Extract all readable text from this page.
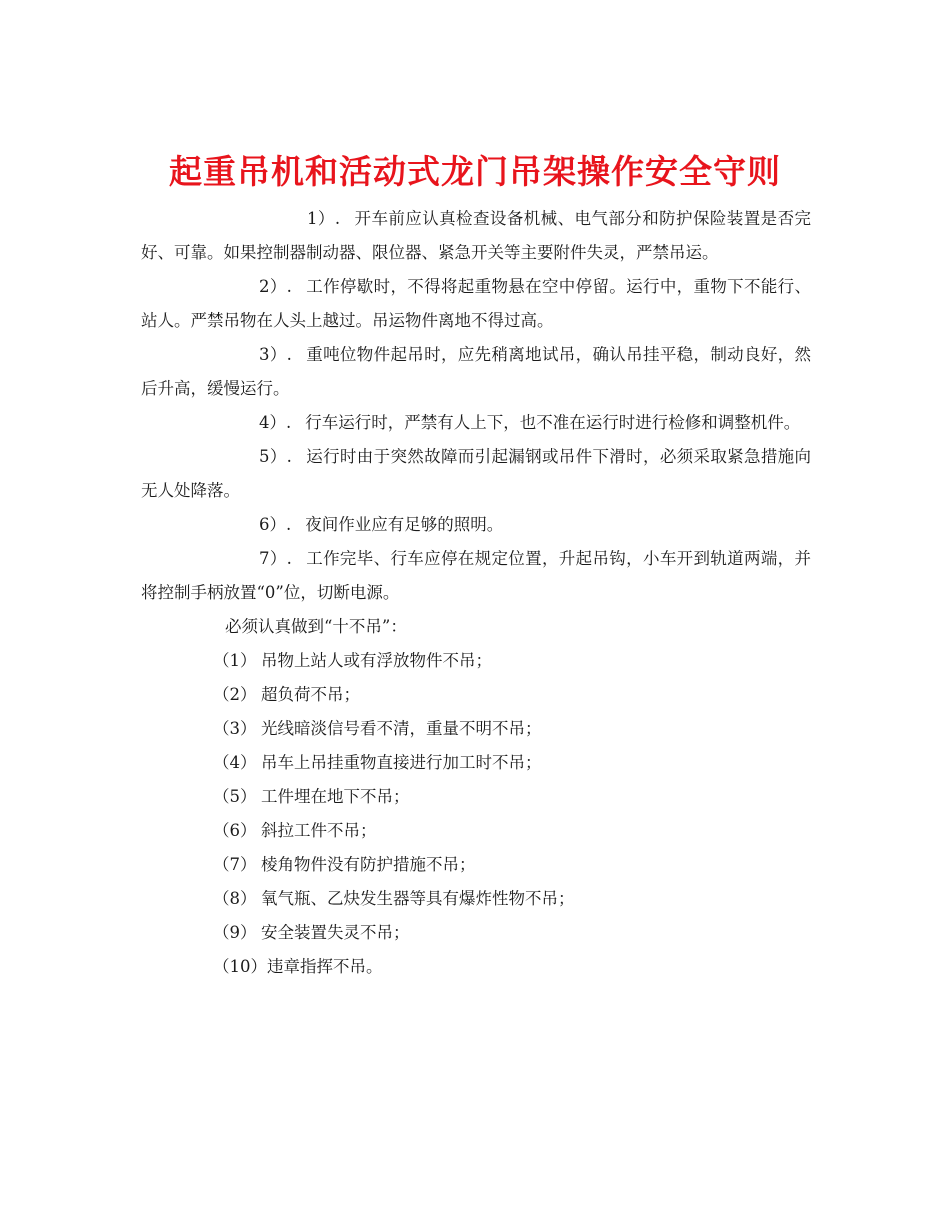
起重吊机和活动式龙门吊架操作安全守则

1）. 开车前应认真检查设备机械、电气部分和防护保险装置是否完好、可靠。如果控制器制动器、限位器、紧急开关等主要附件失灵，严禁吊运。

2）. 工作停歇时，不得将起重物悬在空中停留。运行中，重物下不能行、站人。严禁吊物在人头上越过。吊运物件离地不得过高。

3）. 重吨位物件起吊时，应先稍离地试吊，确认吊挂平稳，制动良好，然后升高，缓慢运行。

4）. 行车运行时，严禁有人上下，也不准在运行时进行检修和调整机件。

5）. 运行时由于突然故障而引起漏钢或吊件下滑时，必须采取紧急措施向无人处降落。

6）. 夜间作业应有足够的照明。

7）. 工作完毕、行车应停在规定位置，升起吊钩，小车开到轨道两端，并将控制手柄放置“0”位，切断电源。

必须认真做到“十不吊”：

（1） 吊物上站人或有浮放物件不吊；
（2） 超负荷不吊；
（3） 光线暗淡信号看不清，重量不明不吊；
（4） 吊车上吊挂重物直接进行加工时不吊；
（5） 工件埋在地下不吊；
（6） 斜拉工件不吊；
（7） 棱角物件没有防护措施不吊；
（8） 氧气瓶、乙炔发生器等具有爆炸性物不吊；
（9） 安全装置失灵不吊；
（10）违章指挥不吊。
